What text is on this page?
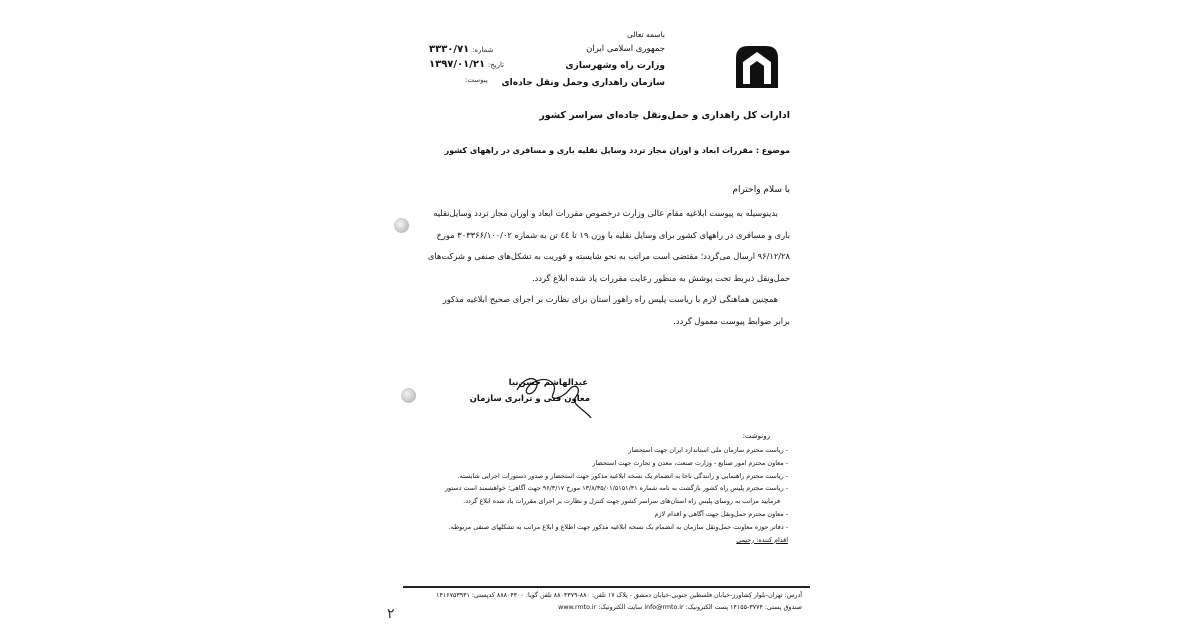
باسمه تعالی
جمهوری اسلامی ایران
وزارت راه وشهرسازی
سازمان راهداری وحمل ونقل جاده‌ای
شماره: ۳۳۳۰/۷۱
تاریخ: ۱۳۹۷/۰۱/۲۱
پیوست:
ادارات کل راهداری و حمل‌ونقل جاده‌ای سراسر کشور
موضوع : مقررات ابعاد و اوزان مجاز تردد وسایل نقلیه باری و مسافری در راههای کشور
با سلام واحترام
بدینوسیله به پیوست ابلاغیه مقام عالی وزارت درخصوص مقررات ابعاد و اوزان مجاز تردد وسایل‌نقلیه
باری و مسافری در راههای کشور برای وسایل نقلیه با وزن ۱۹ تا ٤٤ تن به شماره ۳۰۳۳۶۶/۱۰۰/۰۲ مورخ
۹۶/۱۲/۲۸ ارسال می‌گردد؛ مقتضی است مراتب به نحو شایسته و فوریت به تشکل‌های صنفی و شرکت‌های
حمل‌ونقل ذیربط تحت پوشش به منظور رعایت مقررات یاد شده ابلاغ گردد.
همچنین هماهنگی لازم با ریاست پلیس راه راهور استان برای نظارت بر اجرای صحیح ابلاغیه مذکور
برابر ضوابط پیوست معمول گردد.
عبدالهاشم حسن‌نیا
معاون فنی و ترابری سازمان
رونوشت:
- ریاست محترم سازمان ملی استاندارد ایران جهت استحضار
- معاون محترم امور صنایع - وزارت صنعت، معدن و تجارت جهت استحضار
- ریاست محترم راهنمایی و رانندگی ناجا به انضمام یک نسخه ابلاغیه مذکور جهت استحضار و صدور دستورات اجرایی شایسته.
- ریاست محترم پلیس راه کشور بازگشت به نامه شماره ۱۳/۸/۳۵/۰۱/۵۱۵۱/۴۱ مورخ ۹۶/۳/۱۷ جهت آگاهی؛ خواهشمند است دستور
فرمایید مراتب به روسای پلیس راه استان‌های سراسر کشور جهت کنترل و نظارت بر اجرای مقررات یاد شده ابلاغ گردد.
- معاون محترم حمل‌ونقل جهت آگاهی و اقدام لازم
- دفاتر حوزه معاونت حمل‌ونقل سازمان به انضمام یک نسخه ابلاغیه مذکور جهت اطلاع و ابلاغ مراتب به تشکلهای صنفی مربوطه.
اقدام کننده: رحیمی
آدرس: تهران-بلوار کشاورز-خیابان فلسطین جنوبی-خیابان دمشق - پلاک ۱۷ تلفن: ۸۸۰-۸۸۰۴۳۷۹ تلفن گویا: ۸۸۸۰۴۴۰۰ کدپستی: ۱۴۱۶۷۵۳۹۴۱
صندوق پستی: ۳۷۷۴-۱۴۱۵۵ پست الکترونیک: info@rmto.ir سایت الکترونیک: www.rmto.ir
۲
